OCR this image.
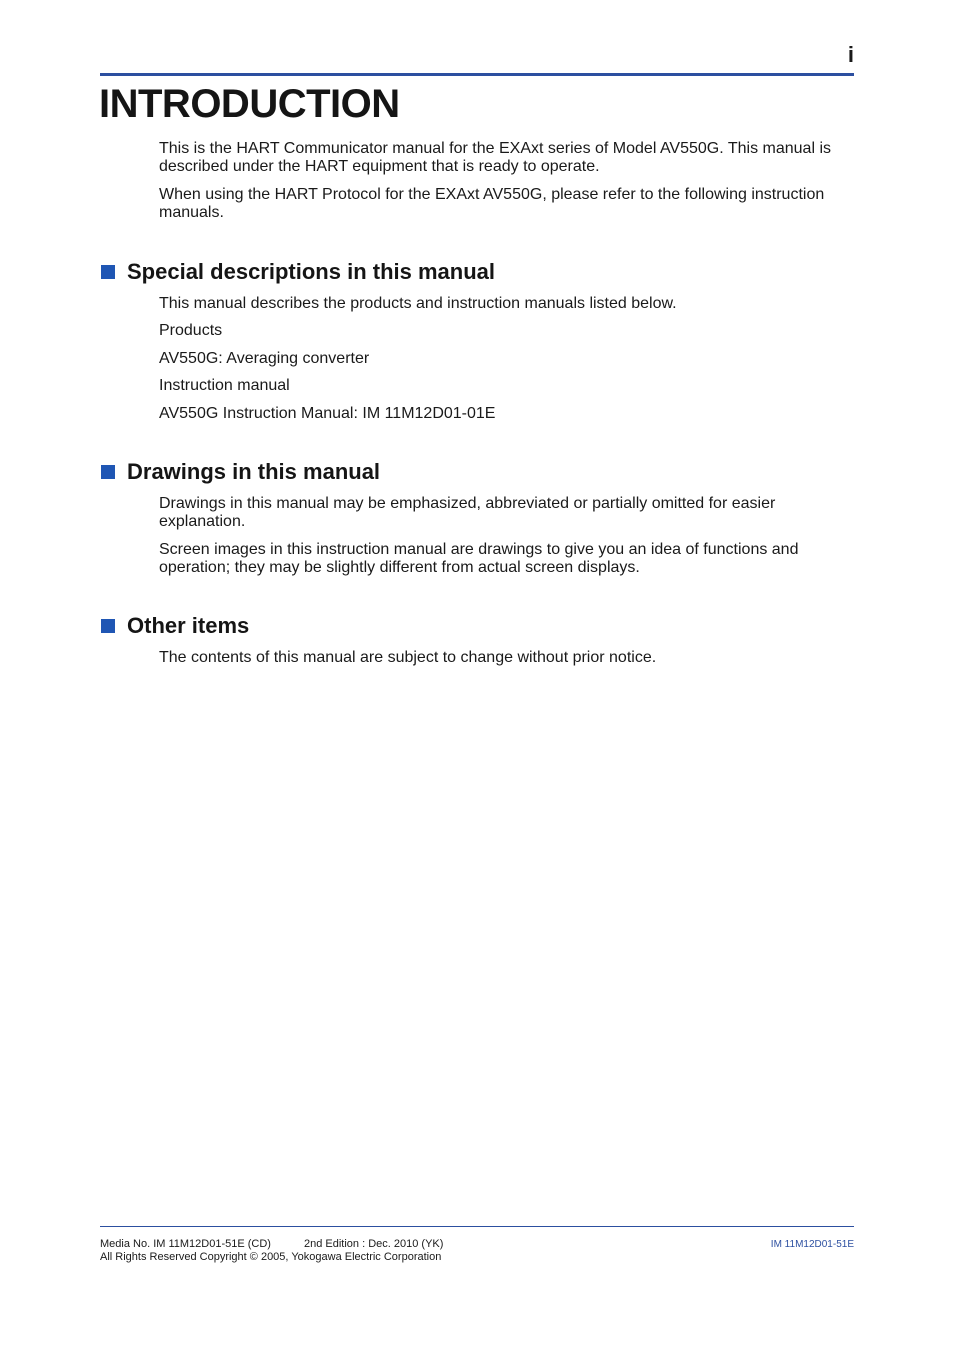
i
INTRODUCTION

This is the HART Communicator manual for the EXAxt series of Model AV550G. This manual is described under the HART equipment that is ready to operate.

When using the HART Protocol for the EXAxt AV550G, please refer to the following instruction manuals.

Special descriptions in this manual

This manual describes the products and instruction manuals listed below.

Products

AV550G: Averaging converter

Instruction manual

AV550G Instruction Manual: IM 11M12D01-01E

Drawings in this manual

Drawings in this manual may be emphasized, abbreviated or partially omitted for easier explanation.

Screen images in this instruction manual are drawings to give you an idea of functions and operation; they may be slightly different from actual screen displays.

Other items

The contents of this manual are subject to change without prior notice.

Media No. IM 11M12D01-51E (CD)	2nd Edition : Dec. 2010 (YK)
All Rights Reserved Copyright © 2005, Yokogawa Electric Corporation
IM 11M12D01-51E
